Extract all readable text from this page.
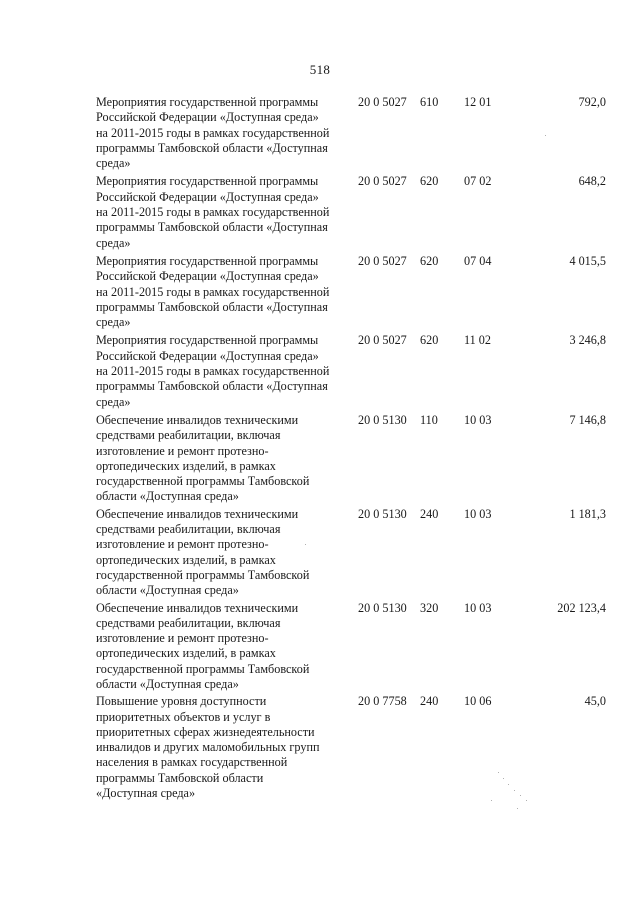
518
Мероприятия государственной программы
Российской Федерации «Доступная среда»
на 2011-2015 годы в рамках государственной
программы Тамбовской области «Доступная
среда»
20 0 5027	610	12 01	792,0
Мероприятия государственной программы
Российской Федерации «Доступная среда»
на 2011-2015 годы в рамках государственной
программы Тамбовской области «Доступная
среда»
20 0 5027	620	07 02	648,2
Мероприятия государственной программы
Российской Федерации «Доступная среда»
на 2011-2015 годы в рамках государственной
программы Тамбовской области «Доступная
среда»
20 0 5027	620	07 04	4 015,5
Мероприятия государственной программы
Российской Федерации «Доступная среда»
на 2011-2015 годы в рамках государственной
программы Тамбовской области «Доступная
среда»
20 0 5027	620	11 02	3 246,8
Обеспечение инвалидов техническими
средствами реабилитации, включая
изготовление и ремонт протезно-
ортопедических изделий, в рамках
государственной программы Тамбовской
области «Доступная среда»
20 0 5130	110	10 03	7 146,8
Обеспечение инвалидов техническими
средствами реабилитации, включая
изготовление и ремонт протезно-
ортопедических изделий, в рамках
государственной программы Тамбовской
области «Доступная среда»
20 0 5130	240	10 03	1 181,3
Обеспечение инвалидов техническими
средствами реабилитации, включая
изготовление и ремонт протезно-
ортопедических изделий, в рамках
государственной программы Тамбовской
области «Доступная среда»
20 0 5130	320	10 03	202 123,4
Повышение уровня доступности
приоритетных объектов и услуг в
приоритетных сферах жизнедеятельности
инвалидов и других маломобильных групп
населения в рамках государственной
программы Тамбовской области
«Доступная среда»
20 0 7758	240	10 06	45,0
